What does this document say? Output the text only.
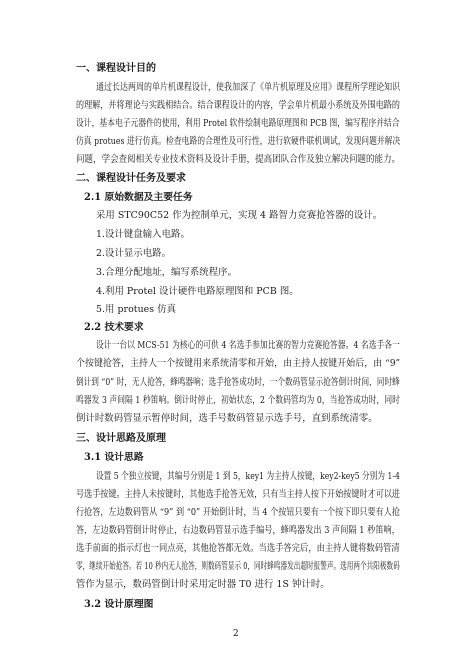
一、课程设计目的
通过长达两周的单片机课程设计，使我加深了《单片机原理及应用》课程所学理论知识
的理解，并将理论与实践相结合。结合课程设计的内容，学会单片机最小系统及外围电路的
设计，基本电子元器件的使用，利用 Protel 软件绘制电路原理图和 PCB 图，编写程序并结合
仿真 protues 进行仿真。检查电路的合理性及可行性，进行软硬件联机调试，发现问题并解决
问题，学会查阅相关专业技术资料及设计手册，提高团队合作及独立解决问题的能力。
二、课程设计任务及要求
2.1 原始数据及主要任务
采用 STC90C52 作为控制单元，实现 4 路智力竞赛抢答器的设计。
1.设计键盘输入电路。
2.设计显示电路。
3.合理分配地址，编写系统程序。
4.利用 Protel 设计硬件电路原理图和 PCB 图。
5.用 protues 仿真
2.2 技术要求
设计一台以 MCS-51 为核心的可供 4 名选手参加比赛的智力竞赛抢答器。4 名选手各一
个按键抢答，主持人一个按键用来系统清零和开始，由主持人按键开始后，由 “9”
倒计到 “0” 时，无人抢答，蜂鸣器响；选手抢答成功时，一个数码管显示抢答倒计时间，同时蜂
鸣器发 3 声间隔 1 秒笛响。倒计时停止，初始状态，2 个数码管均为 0，当抢答成功时，同时
倒计时数码管显示暂停时间，选手号数码管显示选手号，直到系统清零。
三、设计思路及原理
3.1 设计思路
设置 5 个独立按键，其编号分别是 1 到 5，key1 为主持人按键，key2-key5 分别为 1-4
号选手按键。主持人未按键时，其他选手抢答无效，只有当主持人按下开始按键时才可以进
行抢答，左边数码管从 “9” 到 “0” 开始倒计时，当 4 个按钮只要有一个按下即只要有人抢
答，左边数码管倒计时停止，右边数码管显示选手编号，蜂鸣器发出 3 声间隔 1 秒笛响，
选手前面的指示灯也一同点亮，其他抢答都无效。当选手答完后，由主持人键将数码管清
零，继续开始抢答。若 10 秒内无人抢答，则数码管显示 0，同时蜂鸣器发出超时报警声。选用两个共阳极数码
管作为显示，数码管倒计时采用定时器 T0 进行 1S 钟计时。
3.2 设计原理图
2
